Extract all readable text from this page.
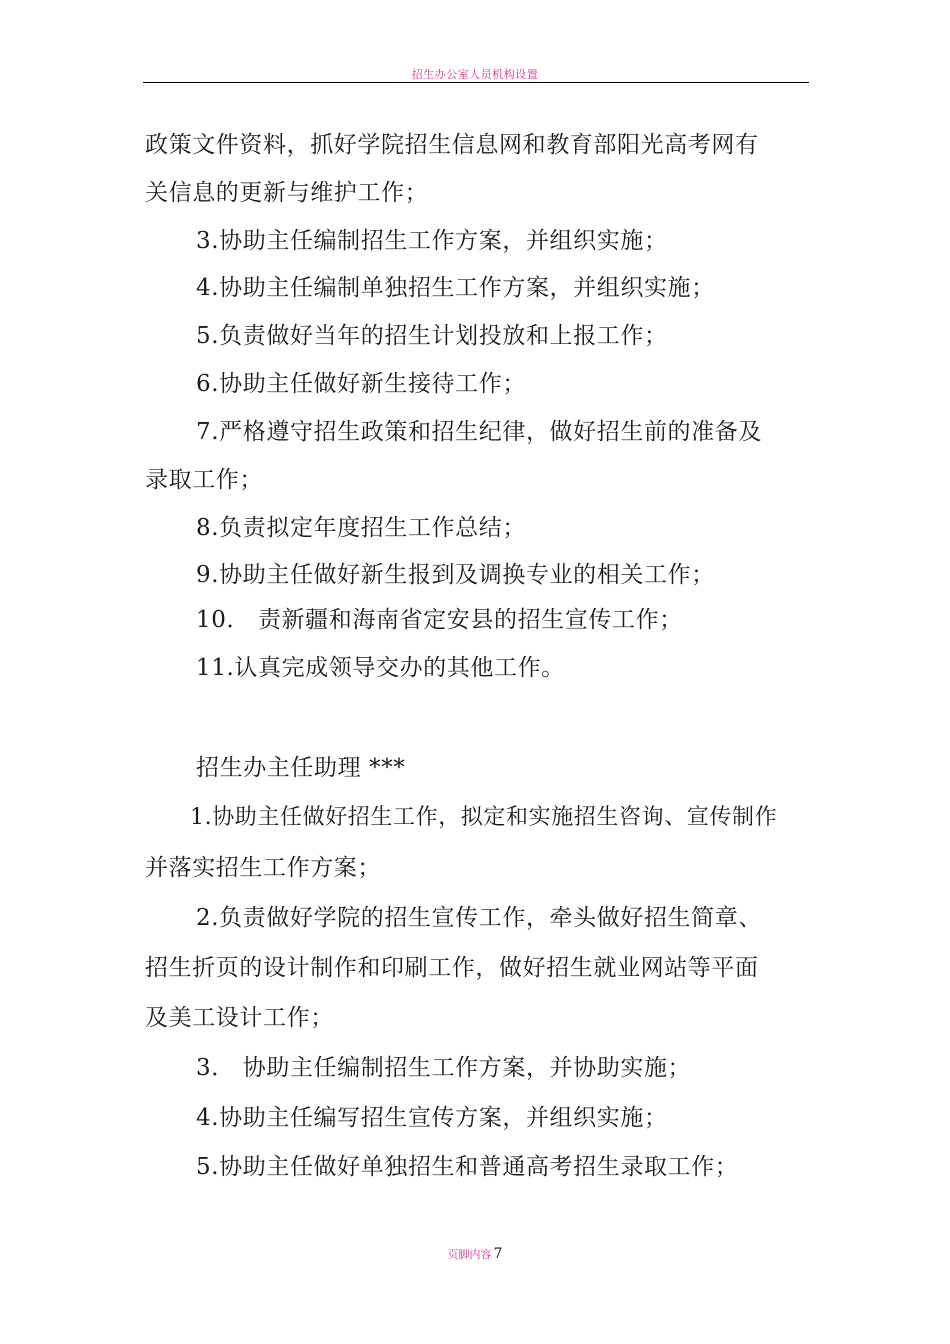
招生办公室人员机构设置
政策文件资料，抓好学院招生信息网和教育部阳光高考网有
关信息的更新与维护工作；
3.协助主任编制招生工作方案，并组织实施；
4.协助主任编制单独招生工作方案，并组织实施；
5.负责做好当年的招生计划投放和上报工作；
6.协助主任做好新生接待工作；
7.严格遵守招生政策和招生纪律，做好招生前的准备及
录取工作；
8.负责拟定年度招生工作总结；
9.协助主任做好新生报到及调换专业的相关工作；
10． 责新疆和海南省定安县的招生宣传工作；
11.认真完成领导交办的其他工作。
招生办主任助理 ***
1.协助主任做好招生工作，拟定和实施招生咨询、宣传制作
并落实招生工作方案；
2.负责做好学院的招生宣传工作，牵头做好招生简章、
招生折页的设计制作和印刷工作，做好招生就业网站等平面
及美工设计工作；
3． 协助主任编制招生工作方案，并协助实施；
4.协助主任编写招生宣传方案，并组织实施；
5.协助主任做好单独招生和普通高考招生录取工作；
页脚内容 7
